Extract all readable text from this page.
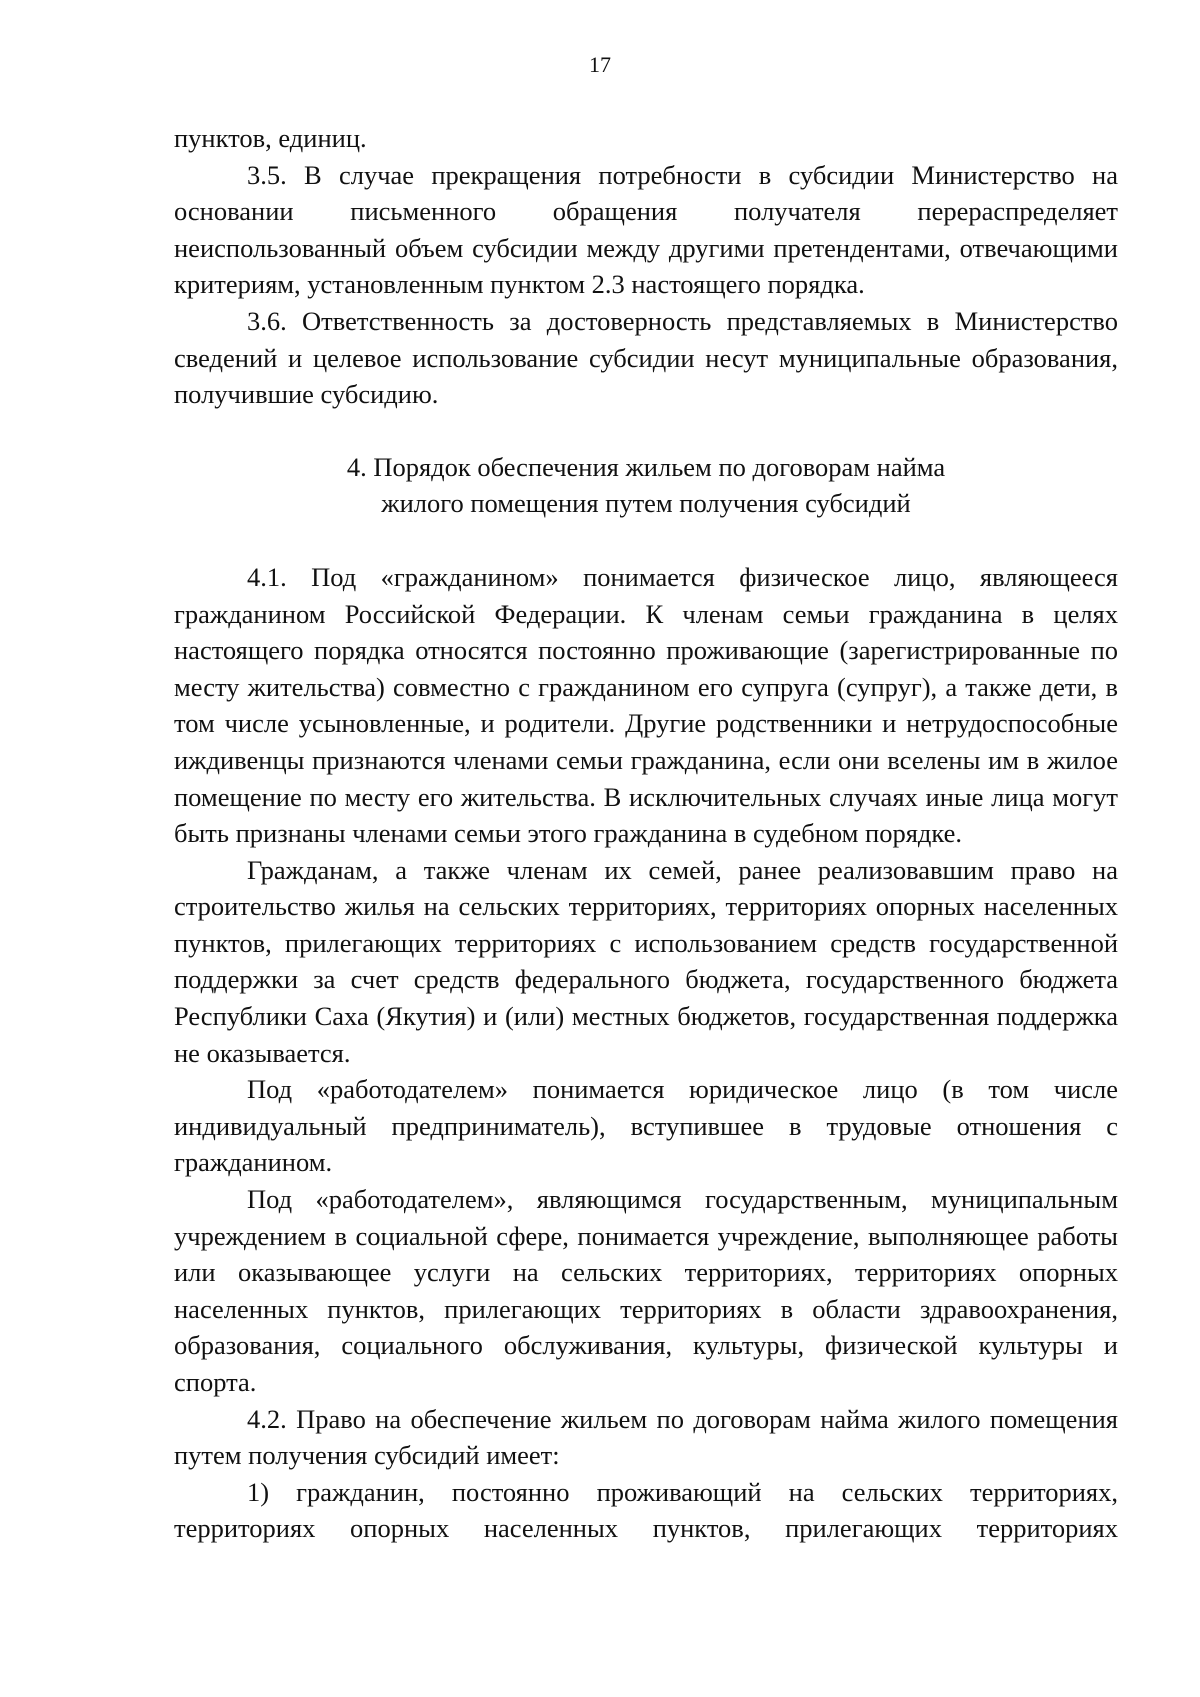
17

пунктов, единиц.

3.5. В случае прекращения потребности в субсидии Министерство на основании письменного обращения получателя перераспределяет неиспользованный объем субсидии между другими претендентами, отвечающими критериям, установленным пунктом 2.3 настоящего порядка.

3.6. Ответственность за достоверность представляемых в Министерство сведений и целевое использование субсидии несут муниципальные образования, получившие субсидию.

4. Порядок обеспечения жильем по договорам найма

жилого помещения путем получения субсидий

4.1. Под «гражданином» понимается физическое лицо, являющееся гражданином Российской Федерации. К членам семьи гражданина в целях настоящего порядка относятся постоянно проживающие (зарегистрированные по месту жительства) совместно с гражданином его супруга (супруг), а также дети, в том числе усыновленные, и родители. Другие родственники и нетрудоспособные иждивенцы признаются членами семьи гражданина, если они вселены им в жилое помещение по месту его жительства. В исключительных случаях иные лица могут быть признаны членами семьи этого гражданина в судебном порядке.

Гражданам, а также членам их семей, ранее реализовавшим право на строительство жилья на сельских территориях, территориях опорных населенных пунктов, прилегающих территориях с использованием средств государственной поддержки за счет средств федерального бюджета, государственного бюджета Республики Саха (Якутия) и (или) местных бюджетов, государственная поддержка не оказывается.

Под «работодателем» понимается юридическое лицо (в том числе индивидуальный предприниматель), вступившее в трудовые отношения с гражданином.

Под «работодателем», являющимся государственным, муниципальным учреждением в социальной сфере, понимается учреждение, выполняющее работы или оказывающее услуги на сельских территориях, территориях опорных населенных пунктов, прилегающих территориях в области здравоохранения, образования, социального обслуживания, культуры, физической культуры и спорта.

4.2. Право на обеспечение жильем по договорам найма жилого помещения путем получения субсидий имеет:

1) гражданин, постоянно проживающий на сельских территориях, территориях опорных населенных пунктов, прилегающих территориях
